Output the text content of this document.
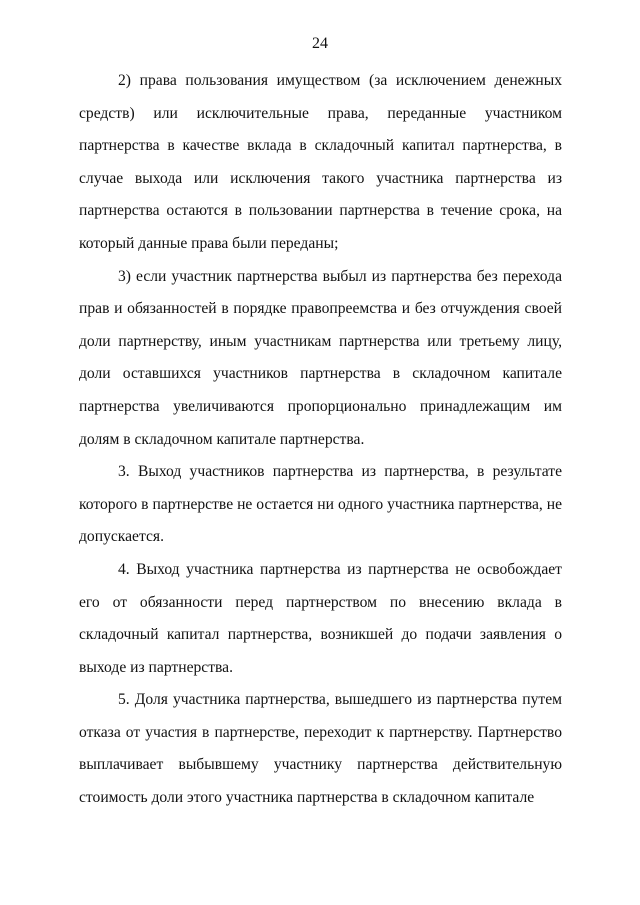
24

2) права пользования имуществом (за исключением денежных средств) или исключительные права, переданные участником партнерства в качестве вклада в складочный капитал партнерства, в случае выхода или исключения такого участника партнерства из партнерства остаются в пользовании партнерства в течение срока, на который данные права были переданы;

3) если участник партнерства выбыл из партнерства без перехода прав и обязанностей в порядке правопреемства и без отчуждения своей доли партнерству, иным участникам партнерства или третьему лицу, доли оставшихся участников партнерства в складочном капитале партнерства увеличиваются пропорционально принадлежащим им долям в складочном капитале партнерства.

3. Выход участников партнерства из партнерства, в результате которого в партнерстве не остается ни одного участника партнерства, не допускается.

4. Выход участника партнерства из партнерства не освобождает его от обязанности перед партнерством по внесению вклада в складочный капитал партнерства, возникшей до подачи заявления о выходе из партнерства.

5. Доля участника партнерства, вышедшего из партнерства путем отказа от участия в партнерстве, переходит к партнерству. Партнерство выплачивает выбывшему участнику партнерства действительную стоимость доли этого участника партнерства в складочном капитале
